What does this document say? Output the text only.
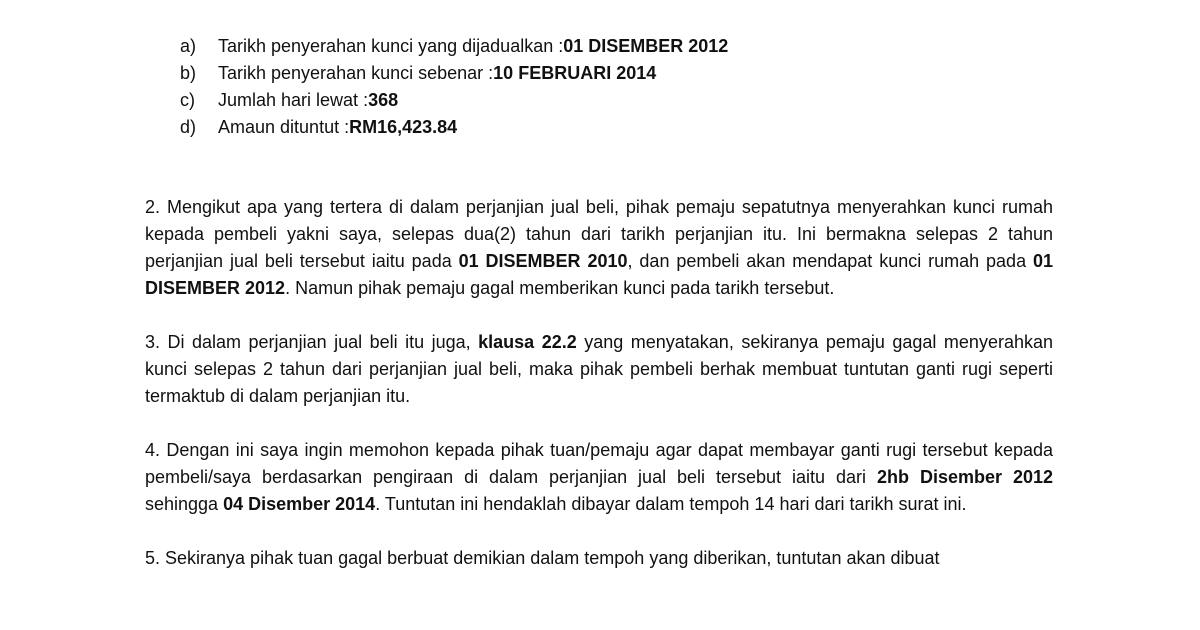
a)	Tarikh penyerahan kunci yang dijadualkan : 01 DISEMBER 2012
b)	Tarikh penyerahan kunci sebenar : 10 FEBRUARI 2014
c)	Jumlah hari lewat : 368
d)	Amaun dituntut : RM16,423.84

2. Mengikut apa yang tertera di dalam perjanjian jual beli, pihak pemaju sepatutnya menyerahkan kunci rumah kepada pembeli yakni saya, selepas dua(2) tahun dari tarikh perjanjian itu. Ini bermakna selepas 2 tahun perjanjian jual beli tersebut iaitu pada 01 DISEMBER 2010, dan pembeli akan mendapat kunci rumah pada 01 DISEMBER 2012. Namun pihak pemaju gagal memberikan kunci pada tarikh tersebut.

3. Di dalam perjanjian jual beli itu juga, klausa 22.2 yang menyatakan, sekiranya pemaju gagal menyerahkan kunci selepas 2 tahun dari perjanjian jual beli, maka pihak pembeli berhak membuat tuntutan ganti rugi seperti termaktub di dalam perjanjian itu.

4. Dengan ini saya ingin memohon kepada pihak tuan/pemaju agar dapat membayar ganti rugi tersebut kepada pembeli/saya berdasarkan pengiraan di dalam perjanjian jual beli tersebut iaitu dari 2hb Disember 2012 sehingga 04 Disember 2014. Tuntutan ini hendaklah dibayar dalam tempoh 14 hari dari tarikh surat ini.

5. Sekiranya pihak tuan gagal berbuat demikian dalam tempoh yang diberikan, tuntutan akan dibuat
